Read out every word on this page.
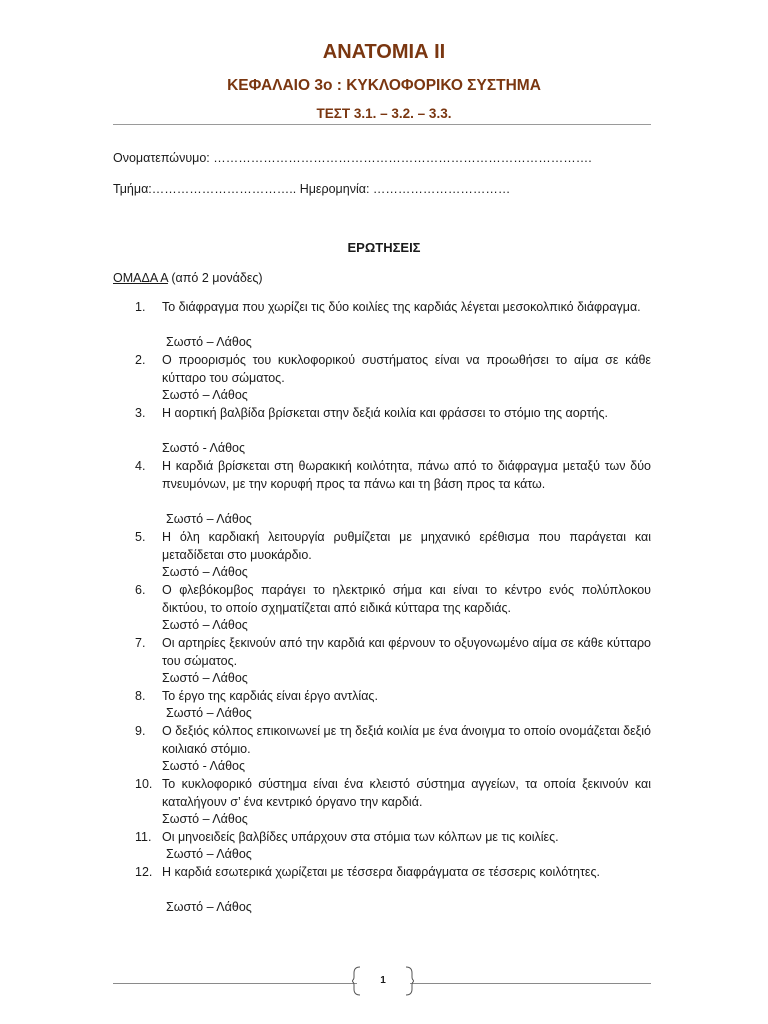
ΑΝΑΤΟΜΙΑ ΙΙ
ΚΕΦΑΛΑΙΟ 3ο : ΚΥΚΛΟΦΟΡΙΚΟ ΣΥΣΤΗΜΑ
ΤΕΣΤ 3.1. – 3.2. – 3.3.
Ονοματεπώνυμο: ……………………………………………………………………………….
Τμήμα:…………………………….. Ημερομηνία: ……………………………
ΕΡΩΤΗΣΕΙΣ
ΟΜΑΔΑ Α (από 2 μονάδες)
1.	Το διάφραγμα που χωρίζει τις δύο κοιλίες της καρδιάς λέγεται μεσοκολπικό διάφραγμα.
Σωστό – Λάθος
2.	Ο προορισμός του κυκλοφορικού συστήματος είναι να προωθήσει το αίμα σε κάθε κύτταρο του σώματος.
Σωστό – Λάθος
3.	Η αορτική βαλβίδα βρίσκεται στην δεξιά κοιλία και φράσσει το στόμιο της αορτής.
Σωστό - Λάθος
4.	Η καρδιά βρίσκεται στη θωρακική κοιλότητα, πάνω από το διάφραγμα μεταξύ των δύο πνευμόνων, με την κορυφή προς τα πάνω και τη βάση προς τα κάτω.
Σωστό – Λάθος
5.	Η όλη καρδιακή λειτουργία ρυθμίζεται με μηχανικό ερέθισμα που παράγεται και μεταδίδεται στο μυοκάρδιο.
Σωστό – Λάθος
6.	Ο φλεβόκομβος παράγει το ηλεκτρικό σήμα και είναι το κέντρο ενός πολύπλοκου δικτύου, το οποίο σχηματίζεται από ειδικά κύτταρα της καρδιάς.
Σωστό – Λάθος
7.	Οι αρτηρίες ξεκινούν από την καρδιά και φέρνουν το οξυγονωμένο αίμα σε κάθε κύτταρο του σώματος.
Σωστό – Λάθος
8.	Το έργο της καρδιάς είναι έργο αντλίας.
Σωστό – Λάθος
9.	Ο δεξιός κόλπος επικοινωνεί με τη δεξιά κοιλία με ένα άνοιγμα το οποίο ονομάζεται δεξιό κοιλιακό στόμιο.
Σωστό - Λάθος
10. Το κυκλοφορικό σύστημα είναι ένα κλειστό σύστημα αγγείων, τα οποία ξεκινούν και καταλήγουν σ’ ένα κεντρικό όργανο την καρδιά.
Σωστό – Λάθος
11. Οι μηνοειδείς βαλβίδες υπάρχουν στα στόμια των κόλπων με τις κοιλίες.
Σωστό – Λάθος
12. Η καρδιά εσωτερικά χωρίζεται με τέσσερα διαφράγματα σε τέσσερις κοιλότητες.
Σωστό – Λάθος
1
